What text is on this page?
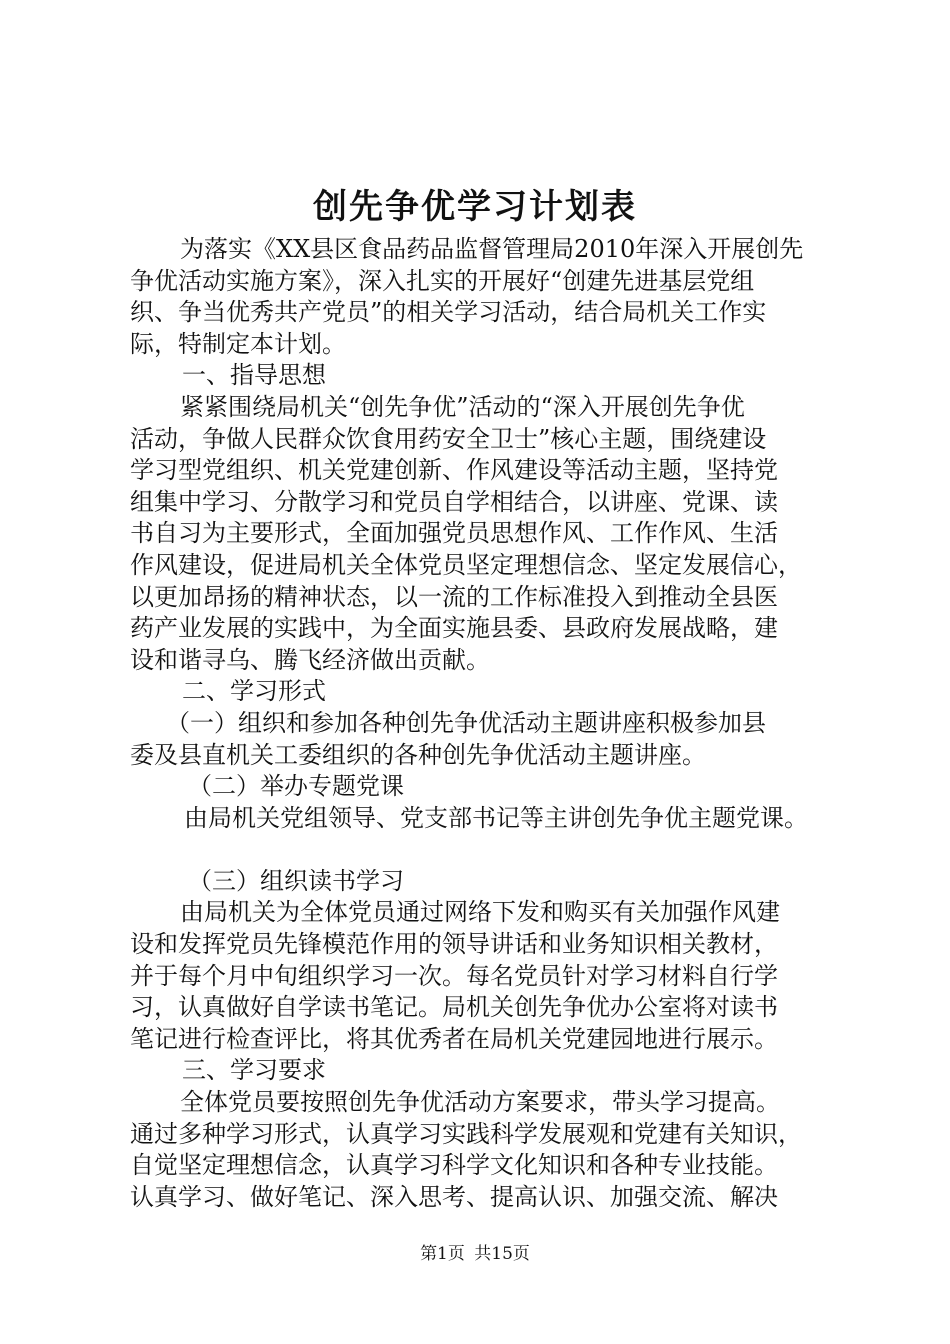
创先争优学习计划表
为落实《XX县区食品药品监督管理局2010年深入开展创先
争优活动实施方案》，深入扎实的开展好“创建先进基层党组
织、争当优秀共产党员”的相关学习活动，结合局机关工作实
际，特制定本计划。
一、指导思想
紧紧围绕局机关“创先争优”活动的“深入开展创先争优
活动，争做人民群众饮食用药安全卫士”核心主题，围绕建设
学习型党组织、机关党建创新、作风建设等活动主题，坚持党
组集中学习、分散学习和党员自学相结合，以讲座、党课、读
书自习为主要形式，全面加强党员思想作风、工作作风、生活
作风建设，促进局机关全体党员坚定理想信念、坚定发展信心，
以更加昂扬的精神状态，以一流的工作标准投入到推动全县医
药产业发展的实践中，为全面实施县委、县政府发展战略，建
设和谐寻乌、腾飞经济做出贡献。
二、学习形式
（一）组织和参加各种创先争优活动主题讲座积极参加县
委及县直机关工委组织的各种创先争优活动主题讲座。
（二）举办专题党课
由局机关党组领导、党支部书记等主讲创先争优主题党课。
（三）组织读书学习
由局机关为全体党员通过网络下发和购买有关加强作风建
设和发挥党员先锋模范作用的领导讲话和业务知识相关教材，
并于每个月中旬组织学习一次。每名党员针对学习材料自行学
习，认真做好自学读书笔记。局机关创先争优办公室将对读书
笔记进行检查评比，将其优秀者在局机关党建园地进行展示。
三、学习要求
全体党员要按照创先争优活动方案要求，带头学习提高。
通过多种学习形式，认真学习实践科学发展观和党建有关知识，
自觉坚定理想信念，认真学习科学文化知识和各种专业技能。
认真学习、做好笔记、深入思考、提高认识、加强交流、解决
第1页 共15页
